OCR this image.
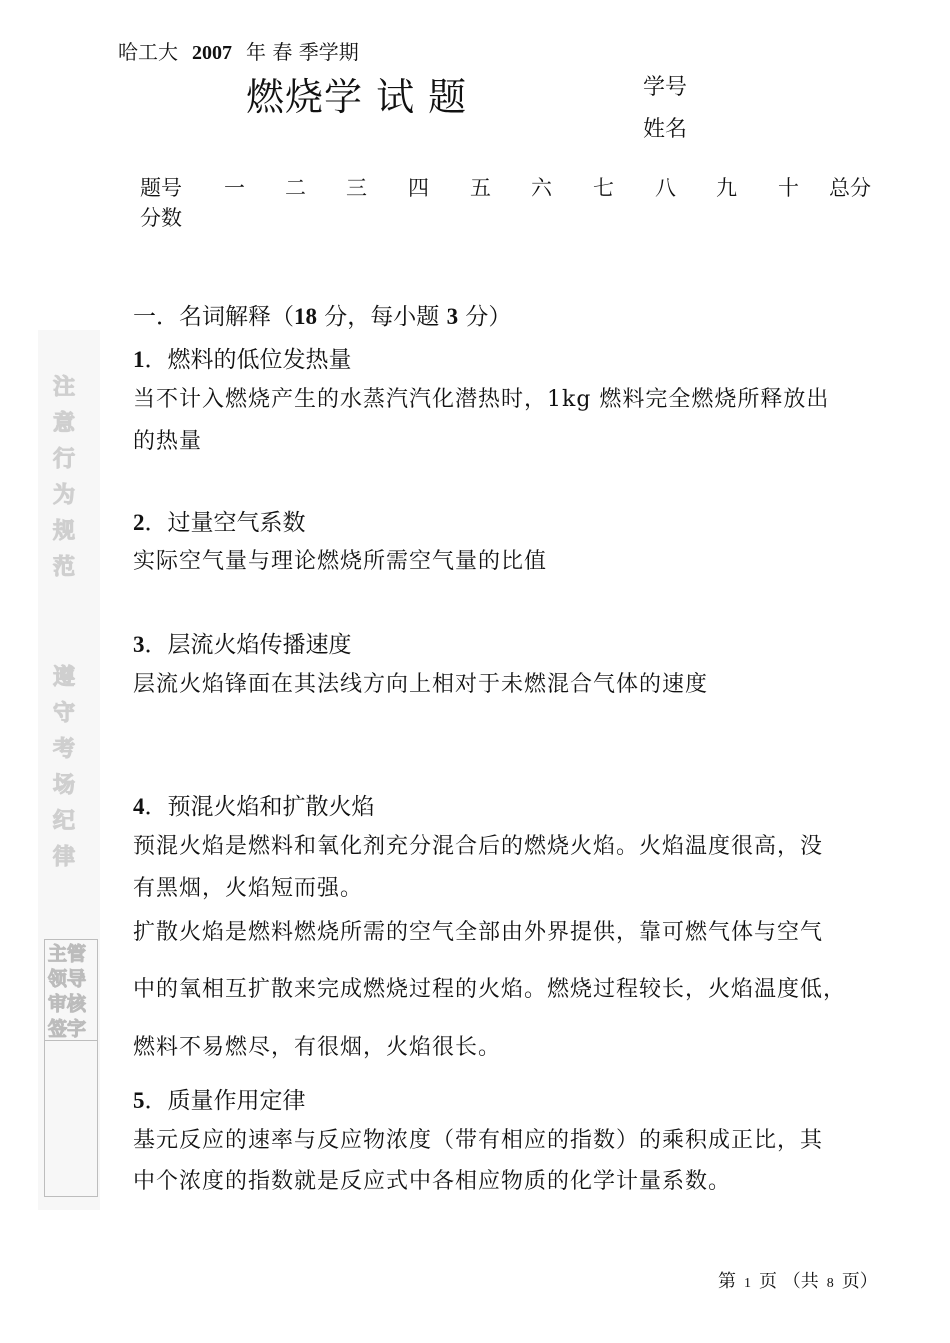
哈工大 2007 年 春 季学期
燃烧学 试 题	学号
姓名
题号 一 二 三 四 五 六 七 八 九 十 总分
分数
一．名词解释（18 分，每小题 3 分）
1．燃料的低位发热量
当不计入燃烧产生的水蒸汽汽化潜热时，1kg 燃料完全燃烧所释放出
的热量
2．过量空气系数
实际空气量与理论燃烧所需空气量的比值
3．层流火焰传播速度
层流火焰锋面在其法线方向上相对于未燃混合气体的速度
4．预混火焰和扩散火焰
预混火焰是燃料和氧化剂充分混合后的燃烧火焰。火焰温度很高，没
有黑烟，火焰短而强。
扩散火焰是燃料燃烧所需的空气全部由外界提供，靠可燃气体与空气
中的氧相互扩散来完成燃烧过程的火焰。燃烧过程较长，火焰温度低，
燃料不易燃尽，有很烟，火焰很长。
5．质量作用定律
基元反应的速率与反应物浓度（带有相应的指数）的乘积成正比，其
中个浓度的指数就是反应式中各相应物质的化学计量系数。
注
意
行
为
规
范
遵
守
考
场
纪
律
主管领导审核签字
第 1 页 （共 8 页）
